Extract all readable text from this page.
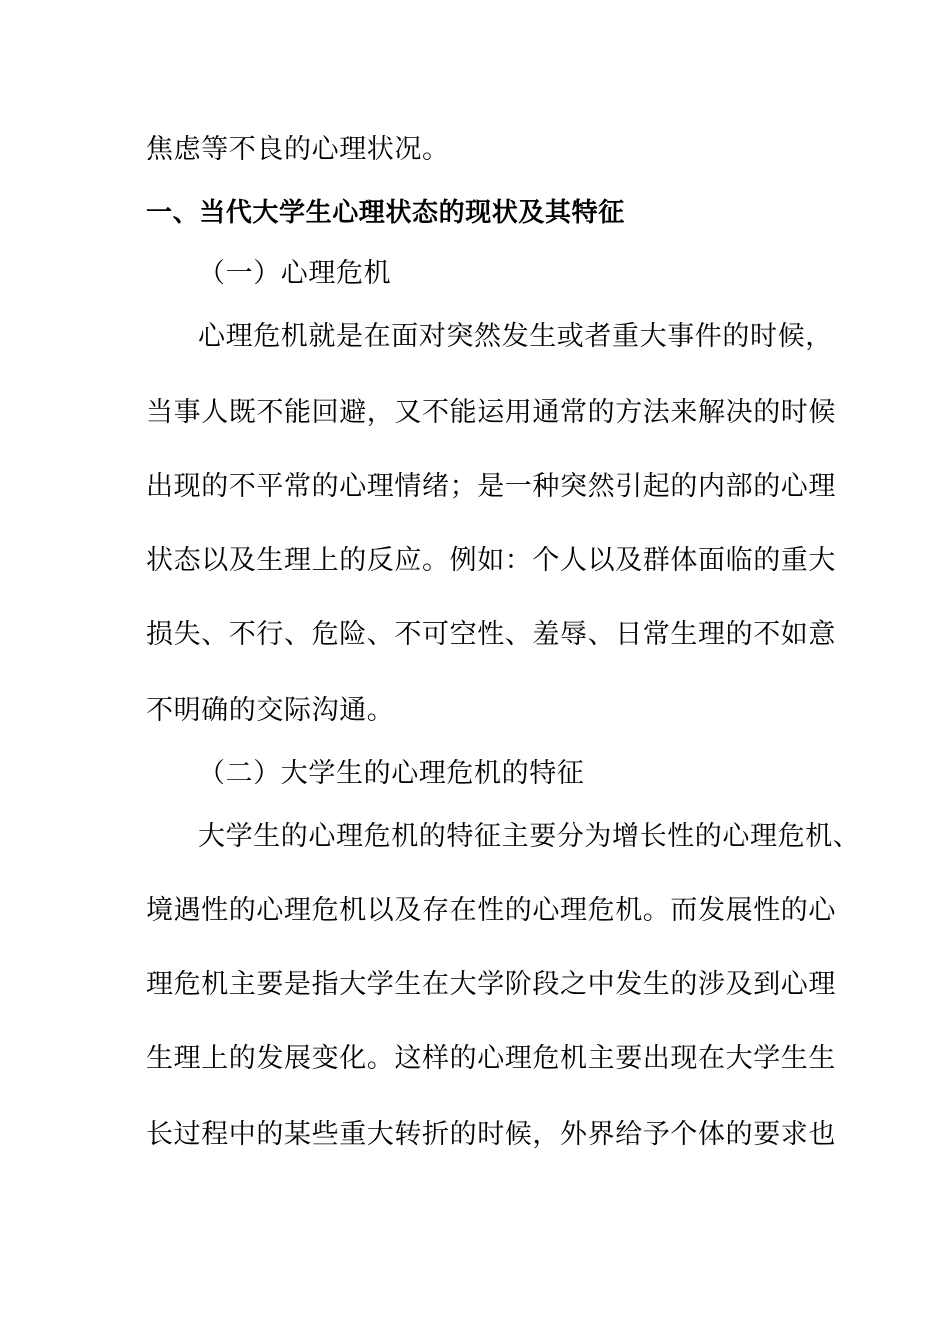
焦虑等不良的心理状况。
一、当代大学生心理状态的现状及其特征
（一）心理危机
心理危机就是在面对突然发生或者重大事件的时候，
当事人既不能回避，又不能运用通常的方法来解决的时候
出现的不平常的心理情绪；是一种突然引起的内部的心理
状态以及生理上的反应。例如：个人以及群体面临的重大
损失、不行、危险、不可空性、羞辱、日常生理的不如意
不明确的交际沟通。
（二）大学生的心理危机的特征
大学生的心理危机的特征主要分为增长性的心理危机、
境遇性的心理危机以及存在性的心理危机。而发展性的心
理危机主要是指大学生在大学阶段之中发生的涉及到心理
生理上的发展变化。这样的心理危机主要出现在大学生生
长过程中的某些重大转折的时候，外界给予个体的要求也
